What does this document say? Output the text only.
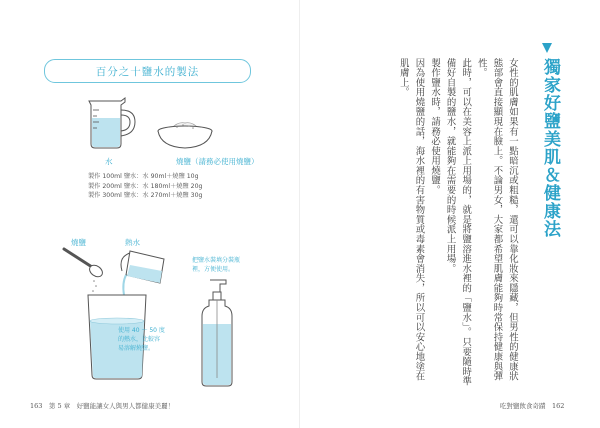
百分之十鹽水的製法
水	燒鹽（請務必使用燒鹽）
製作 100ml 鹽水：水 90ml＋燒鹽 10g
製作 200ml 鹽水：水 180ml＋燒鹽 20g
製作 300ml 鹽水：水 270ml＋燒鹽 30g
燒鹽	熱水
使用 40 ～ 50 度
的熱水，比較容
易溶解燒鹽。
把鹽水裝填分裝瓶
裡，方便使用。
163　第 5 章　好鹽能讓女人與男人都健康美麗！
獨家好鹽美肌＆健康法

女性的肌膚如果有一點暗沉或粗糙，還可以靠化妝來隱藏，但男性的健康狀態部會直接顯現在臉上。不論男女，大家都希望肌膚能夠時常保持健康與彈性。

此時，可以在美容上派上用場的，就是將鹽溶進水裡的「鹽水」。只要隨時準備好自製的鹽水，就能夠在需要的時候派上用場。

製作鹽水時，請務必使用燒鹽。

因為使用燒鹽的話，海水裡的有害物質或毒素會消失，所以可以安心地塗在肌膚上。

吃對鹽飲食奇蹟　162
